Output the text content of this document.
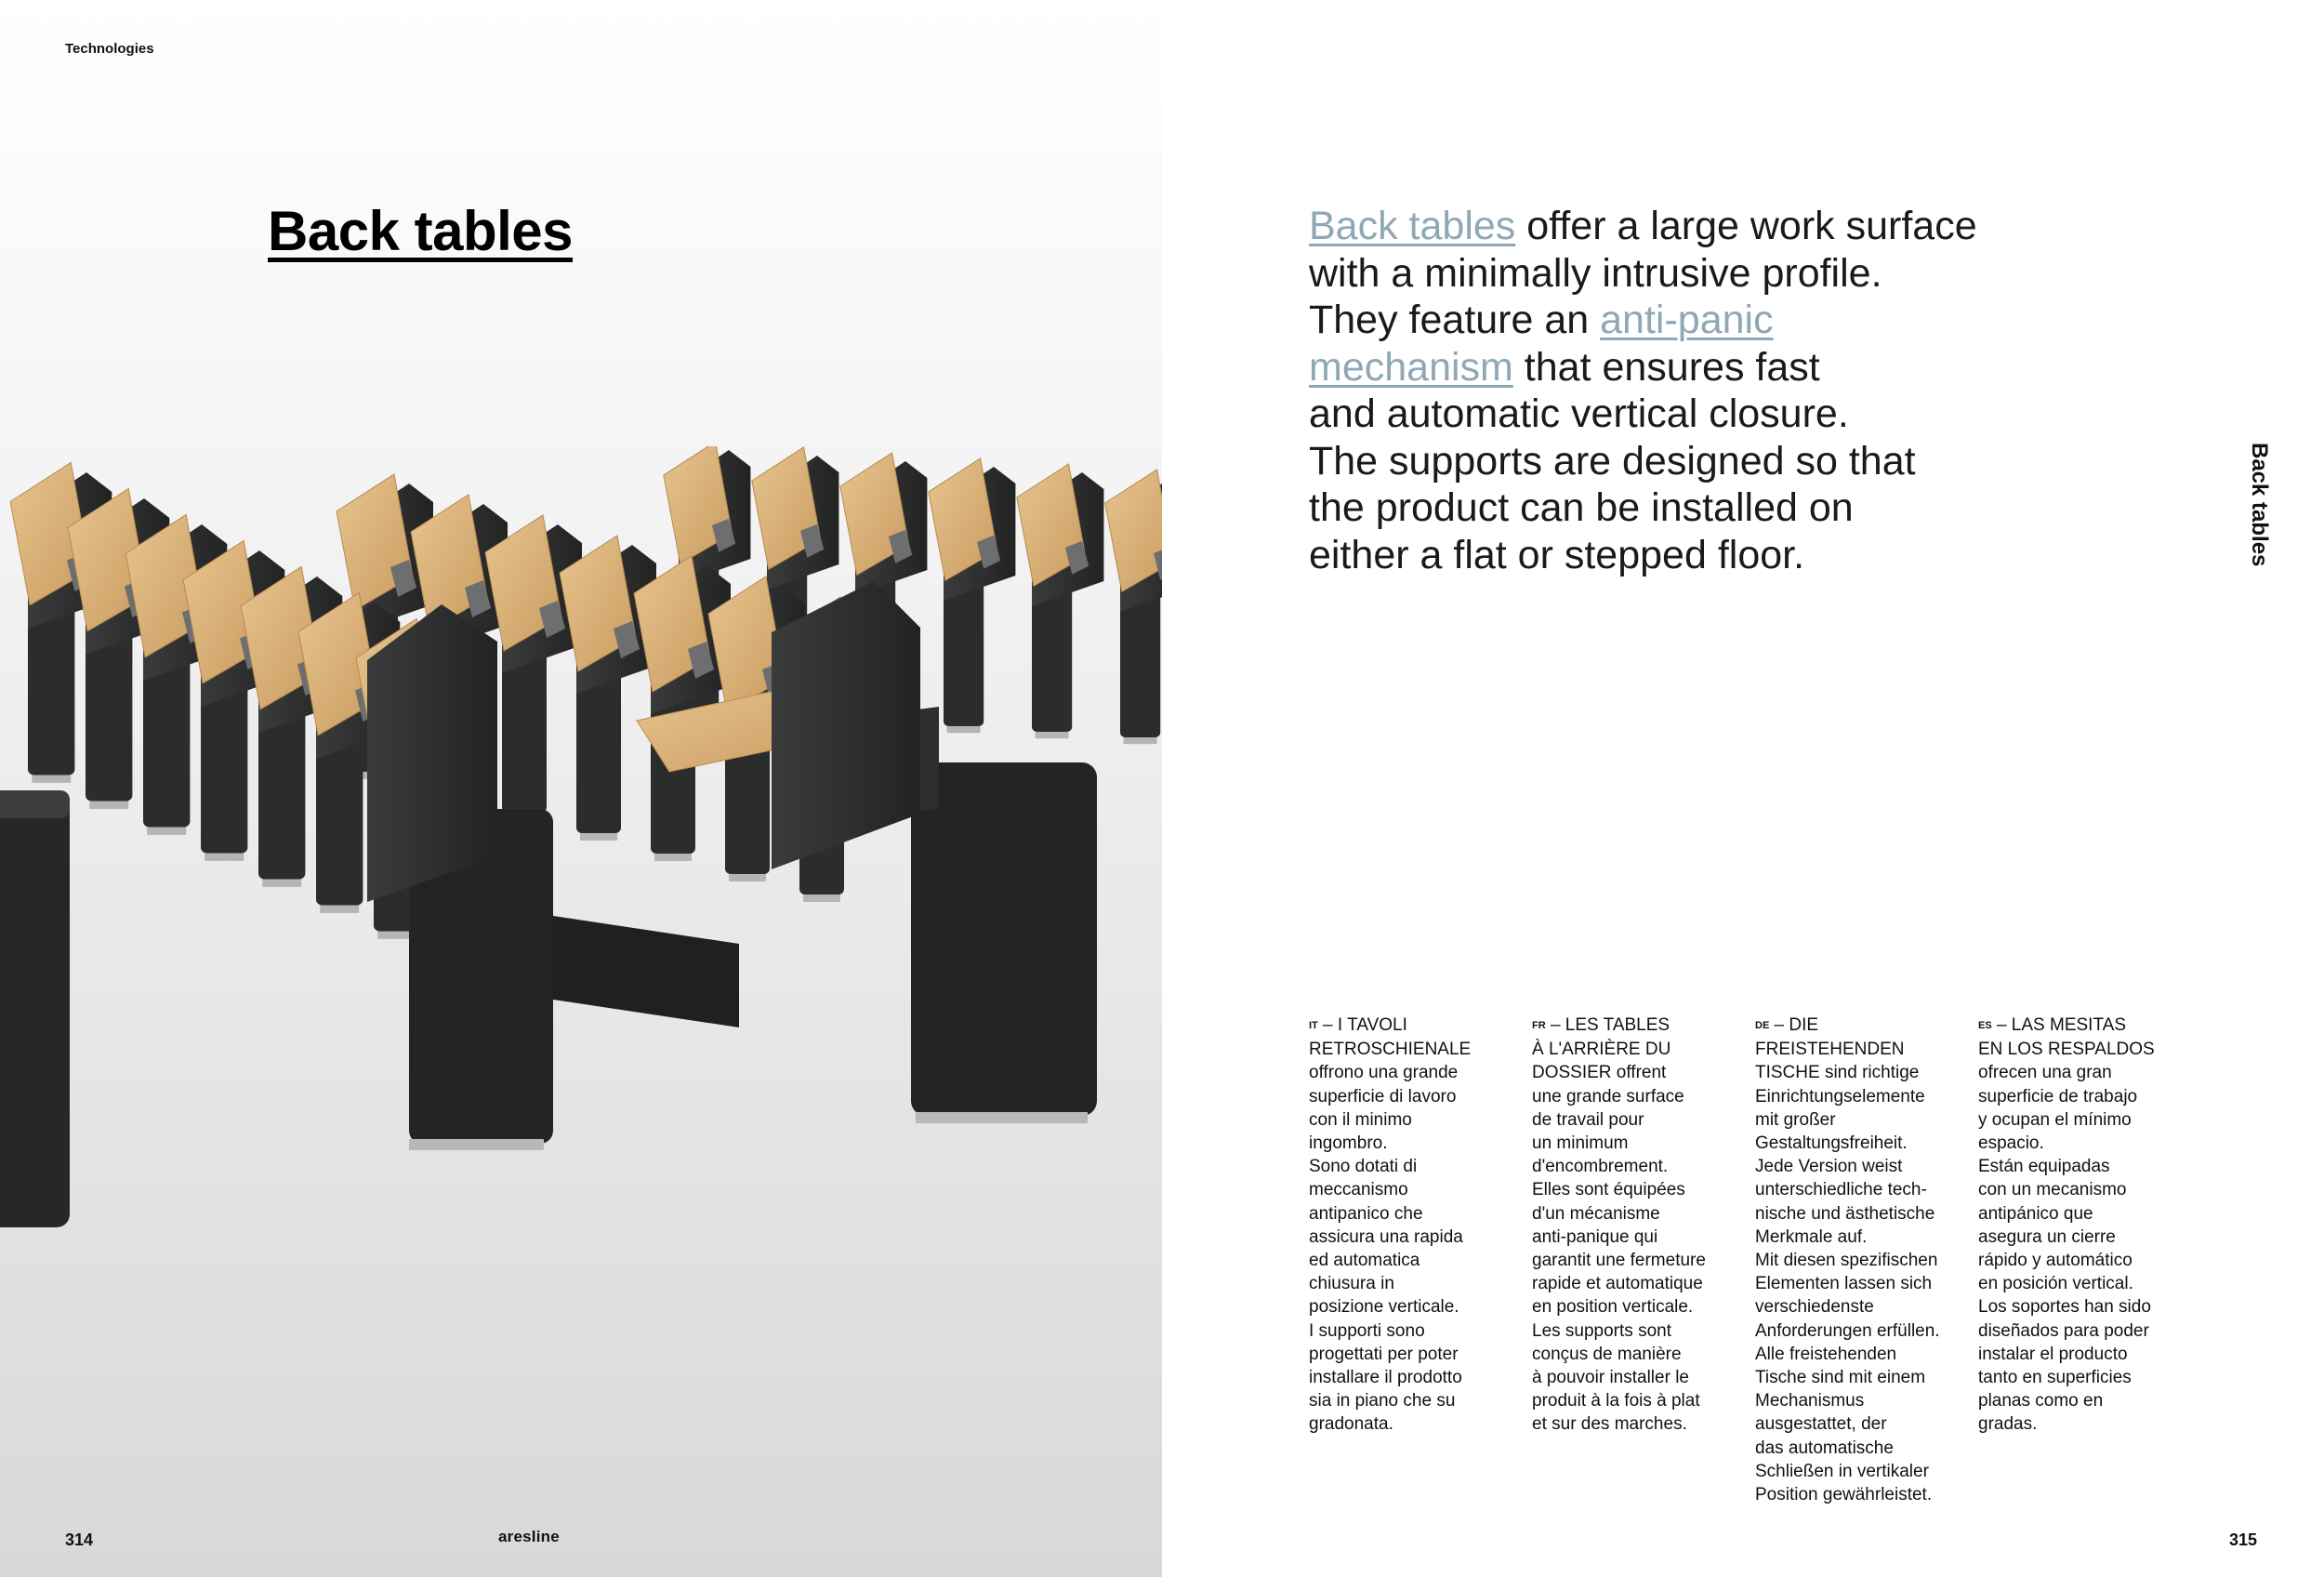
Technologies
Back tables
314	aresline
Back tables offer a large work surface
with a minimally intrusive profile.
They feature an anti-panic
mechanism that ensures fast
and automatic vertical closure.
The supports are designed so that
the product can be installed on
either a flat or stepped floor.	Back tables
IT – I TAVOLI
RETROSCHIENALE
offrono una grande
superficie di lavoro
con il minimo
ingombro.
Sono dotati di
meccanismo
antipanico che
assicura una rapida
ed automatica
chiusura in
posizione verticale.
I supporti sono
progettati per poter
installare il prodotto
sia in piano che su
gradonata.
FR – LES TABLES
À L'ARRIÈRE DU
DOSSIER offrent
une grande surface
de travail pour
un minimum
d'encombrement.
Elles sont équipées
d'un mécanisme
anti-panique qui
garantit une fermeture
rapide et automatique
en position verticale.
Les supports sont
conçus de manière
à pouvoir installer le
produit à la fois à plat
et sur des marches.
DE – DIE
FREISTEHENDEN
TISCHE sind richtige
Einrichtungselemente
mit großer
Gestaltungsfreiheit.
Jede Version weist
unterschiedliche tech-
nische und ästhetische
Merkmale auf.
Mit diesen spezifischen
Elementen lassen sich
verschiedenste
Anforderungen erfüllen.
Alle freistehenden
Tische sind mit einem
Mechanismus
ausgestattet, der
das automatische
Schließen in vertikaler
Position gewährleistet.
ES – LAS MESITAS
EN LOS RESPALDOS
ofrecen una gran
superficie de trabajo
y ocupan el mínimo
espacio.
Están equipadas
con un mecanismo
antipánico que
asegura un cierre
rápido y automático
en posición vertical.
Los soportes han sido
diseñados para poder
instalar el producto
tanto en superficies
planas como en
gradas.
315
